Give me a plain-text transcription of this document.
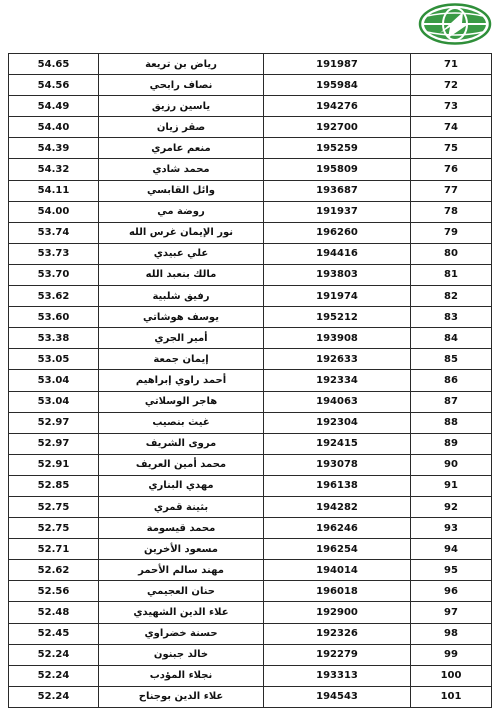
54.65	رياض بن تريعة	191987	71
54.56	نصاف رابحي	195984	72
54.49	ياسين رزيق	194276	73
54.40	صقر زيان	192700	74
54.39	منعم عامري	195259	75
54.32	محمد شادي	195809	76
54.11	وائل القابسي	193687	77
54.00	روضة مي	191937	78
53.74	نور الإيمان غرس الله	196260	79
53.73	علي عبيدي	194416	80
53.70	مالك بنعبد الله	193803	81
53.62	رفيق شلبية	191974	82
53.60	يوسف هوشاتي	195212	83
53.38	أمير الجري	193908	84
53.05	إيمان جمعة	192633	85
53.04	أحمد راوي إبراهيم	192334	86
53.04	هاجر الوسلاتي	194063	87
52.97	غيث بنصيب	192304	88
52.97	مروى الشريف	192415	89
52.91	محمد أمين العريف	193078	90
52.85	مهدي البناري	196138	91
52.75	بثينة قمري	194282	92
52.75	محمد قيسومة	196246	93
52.71	مسعود الأخرين	196254	94
52.62	مهند سالم الأحمر	194014	95
52.56	حنان العجيمي	196018	96
52.48	علاء الدين الشهيدي	192900	97
52.45	حسنة خضراوي	192326	98
52.24	خالد جبنون	192279	99
52.24	نجلاء المؤدب	193313	100
52.24	علاء الدين بوجناح	194543	101
